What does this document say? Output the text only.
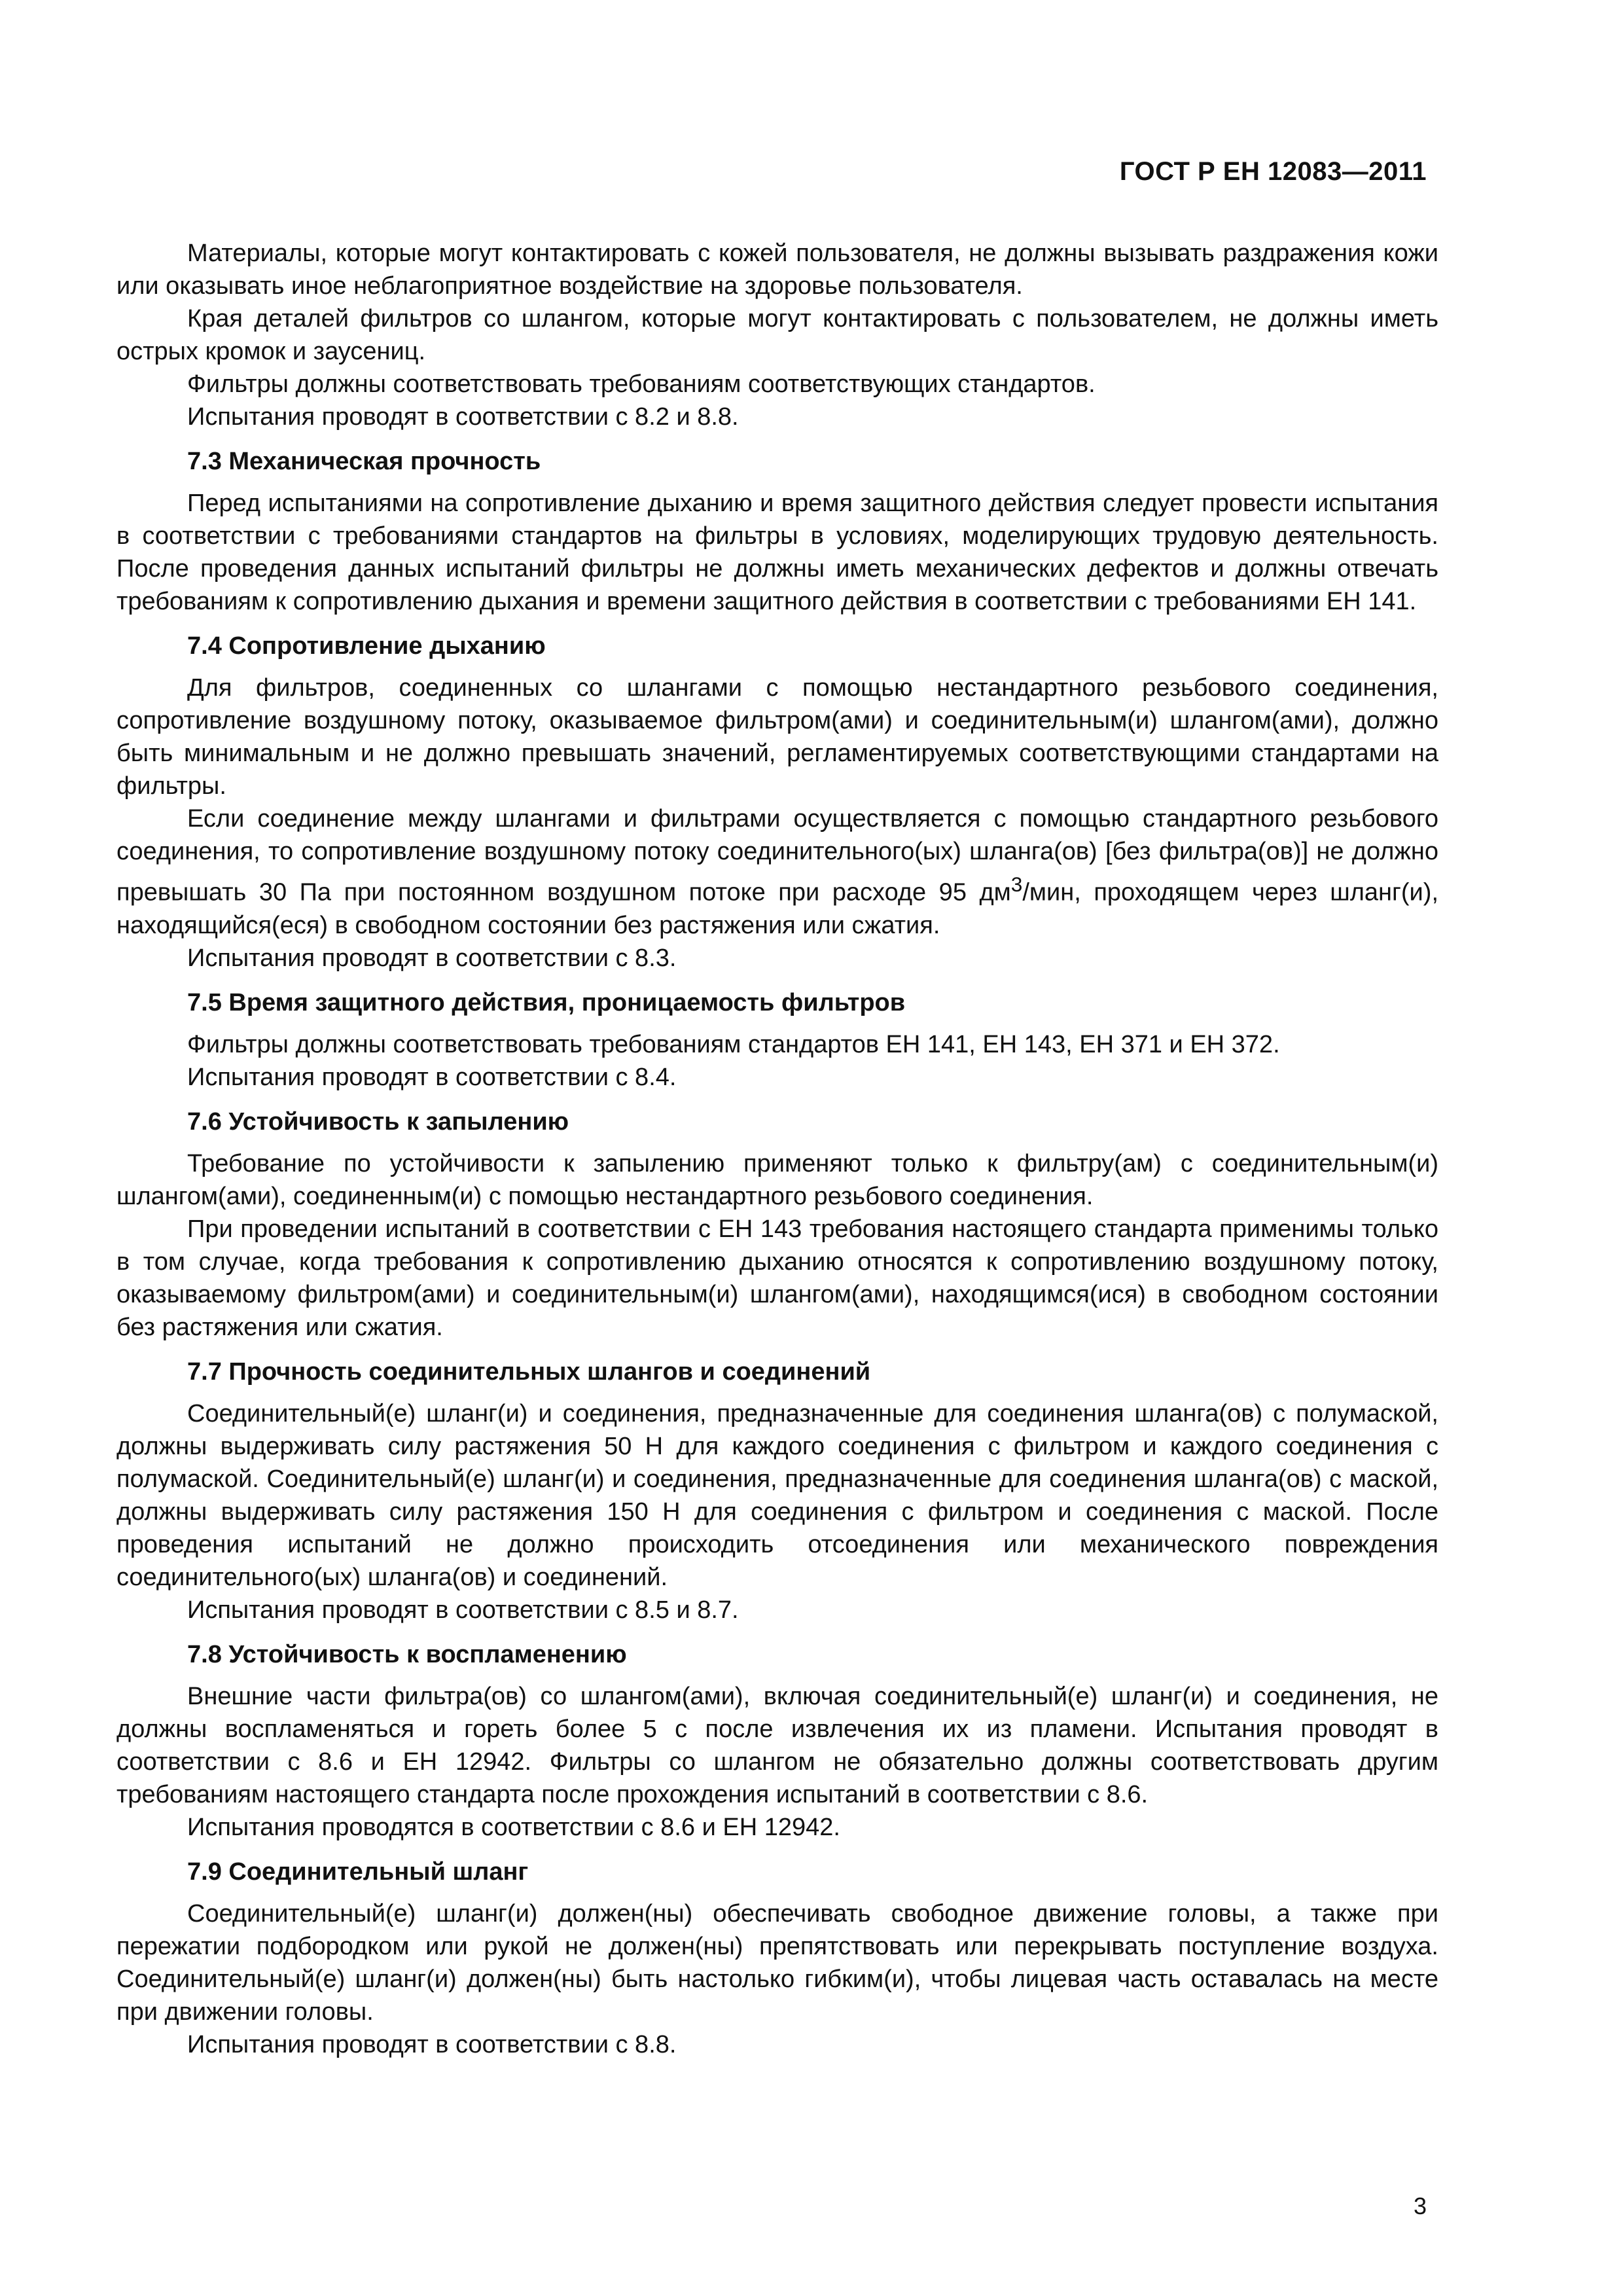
ГОСТ Р ЕН 12083—2011

Материалы, которые могут контактировать с кожей пользователя, не должны вызывать раздражения кожи или оказывать иное неблагоприятное воздействие на здоровье пользователя.

Края деталей фильтров со шлангом, которые могут контактировать с пользователем, не должны иметь острых кромок и заусениц.

Фильтры должны соответствовать требованиям соответствующих стандартов.

Испытания проводят в соответствии с 8.2 и 8.8.

7.3 Механическая прочность

Перед испытаниями на сопротивление дыханию и время защитного действия следует провести испытания в соответствии с требованиями стандартов на фильтры в условиях, моделирующих трудовую деятельность. После проведения данных испытаний фильтры не должны иметь механических дефектов и должны отвечать требованиям к сопротивлению дыхания и времени защитного действия в соответствии с требованиями ЕН 141.

7.4 Сопротивление дыханию

Для фильтров, соединенных со шлангами с помощью нестандартного резьбового соединения, сопротивление воздушному потоку, оказываемое фильтром(ами) и соединительным(и) шлангом(ами), должно быть минимальным и не должно превышать значений, регламентируемых соответствующими стандартами на фильтры.

Если соединение между шлангами и фильтрами осуществляется с помощью стандартного резьбового соединения, то сопротивление воздушному потоку соединительного(ых) шланга(ов) [без фильтра(ов)] не должно превышать 30 Па при постоянном воздушном потоке при расходе 95 $дм^3$/мин, проходящем через шланг(и), находящийся(еся) в свободном состоянии без растяжения или сжатия.

Испытания проводят в соответствии с 8.3.

7.5 Время защитного действия, проницаемость фильтров

Фильтры должны соответствовать требованиям стандартов ЕН 141, ЕН 143, ЕН 371 и ЕН 372.

Испытания проводят в соответствии с 8.4.

7.6 Устойчивость к запылению

Требование по устойчивости к запылению применяют только к фильтру(ам) с соединительным(и) шлангом(ами), соединенным(и) с помощью нестандартного резьбового соединения.

При проведении испытаний в соответствии с ЕН 143 требования настоящего стандарта применимы только в том случае, когда требования к сопротивлению дыханию относятся к сопротивлению воздушному потоку, оказываемому фильтром(ами) и соединительным(и) шлангом(ами), находящимся(ися) в свободном состоянии без растяжения или сжатия.

7.7 Прочность соединительных шлангов и соединений

Соединительный(е) шланг(и) и соединения, предназначенные для соединения шланга(ов) с полумаской, должны выдерживать силу растяжения 50 Н для каждого соединения с фильтром и каждого соединения с полумаской. Соединительный(е) шланг(и) и соединения, предназначенные для соединения шланга(ов) с маской, должны выдерживать силу растяжения 150 Н для соединения с фильтром и соединения с маской. После проведения испытаний не должно происходить отсоединения или механического повреждения соединительного(ых) шланга(ов) и соединений.

Испытания проводят в соответствии с 8.5 и 8.7.

7.8 Устойчивость к воспламенению

Внешние части фильтра(ов) со шлангом(ами), включая соединительный(е) шланг(и) и соединения, не должны воспламеняться и гореть более 5 с после извлечения их из пламени. Испытания проводят в соответствии с 8.6 и ЕН 12942. Фильтры со шлангом не обязательно должны соответствовать другим требованиям настоящего стандарта после прохождения испытаний в соответствии с 8.6.

Испытания проводятся в соответствии с 8.6 и ЕН 12942.

7.9 Соединительный шланг

Соединительный(е) шланг(и) должен(ны) обеспечивать свободное движение головы, а также при пережатии подбородком или рукой не должен(ны) препятствовать или перекрывать поступление воздуха. Соединительный(е) шланг(и) должен(ны) быть настолько гибким(и), чтобы лицевая часть оставалась на месте при движении головы.

Испытания проводят в соответствии с 8.8.

3
